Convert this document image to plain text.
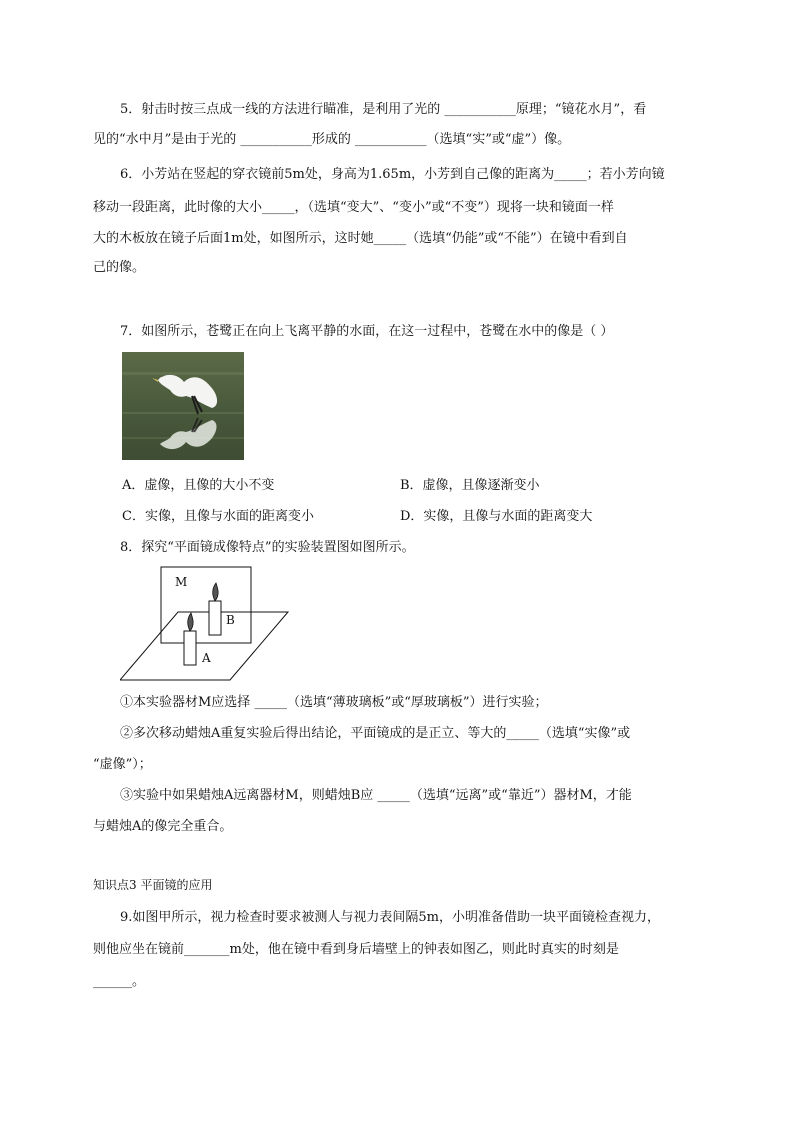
5．射击时按三点成一线的方法进行瞄准，是利用了光的 ___________原理；“镜花水月”，看
见的“水中月”是由于光的 ___________形成的 ___________（选填“实”或“虚”）像。
6．小芳站在竖起的穿衣镜前5m处，身高为1.65m，小芳到自己像的距离为_____；若小芳向镜
移动一段距离，此时像的大小_____，（选填“变大”、“变小”或“不变”）现将一块和镜面一样
大的木板放在镜子后面1m处，如图所示，这时她_____（选填“仍能”或“不能”）在镜中看到自
己的像。
7．如图所示，苍鹭正在向上飞离平静的水面，在这一过程中，苍鹭在水中的像是（ ）
A．虚像，且像的大小不变	B．虚像，且像逐渐变小
C．实像，且像与水面的距离变小	D．实像，且像与水面的距离变大
8．探究“平面镜成像特点”的实验装置图如图所示。
M
B
A
①本实验器材M应选择 _____（选填“薄玻璃板”或“厚玻璃板”）进行实验；
②多次移动蜡烛A重复实验后得出结论，平面镜成的是正立、等大的_____（选填“实像”或
“虚像”）；
③实验中如果蜡烛A远离器材M，则蜡烛B应 _____（选填“远离”或“靠近”）器材M，才能
与蜡烛A的像完全重合。
知识点3 平面镜的应用
9.如图甲所示，视力检查时要求被测人与视力表间隔5m，小明准备借助一块平面镜检查视力，
则他应坐在镜前_______m处，他在镜中看到身后墙壁上的钟表如图乙，则此时真实的时刻是
______。
